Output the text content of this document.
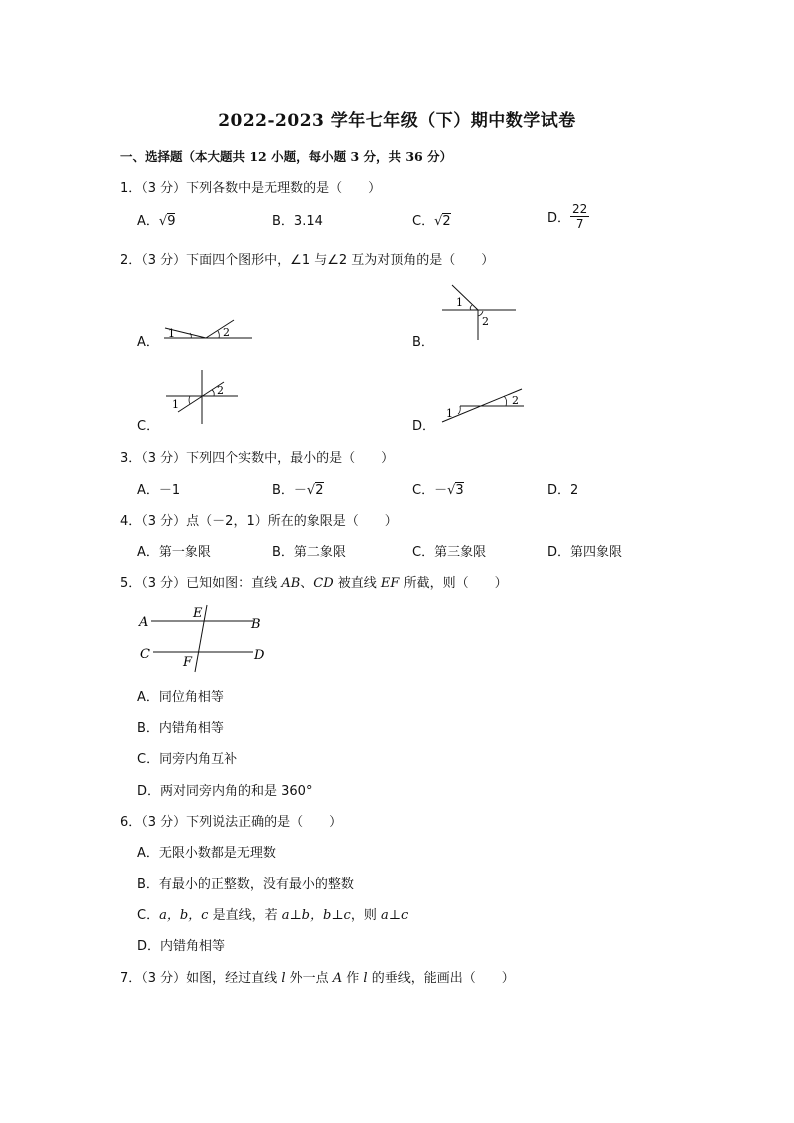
2022-2023 学年七年级（下）期中数学试卷
一、选择题（本大题共 12 小题，每小题 3 分，共 36 分）
1．（3 分）下列各数中是无理数的是（　　）
A．√9	B．3.14	C．√2	D． $\frac{22}{7}$
2．（3 分）下面四个图形中，∠1 与∠2 互为对顶角的是（　　）
A．
1	2
B．
1
2
C．
2
1
D．
1
2
3．（3 分）下列四个实数中，最小的是（　　）
A．－1	B．－√2	C．－√3	D．2
4．（3 分）点（－2，1）所在的象限是（　　）
A．第一象限	B．第二象限	C．第三象限	D．第四象限
5．（3 分）已知如图：直线 AB、CD 被直线 EF 所截，则（　　）
A	B
C	D
E
F
A．同位角相等
B．内错角相等
C．同旁内角互补
D．两对同旁内角的和是 360°
6．（3 分）下列说法正确的是（　　）
A．无限小数都是无理数
B．有最小的正整数，没有最小的整数
C．a，b，c 是直线，若 a⊥b，b⊥c，则 a⊥c
D．内错角相等
7．（3 分）如图，经过直线 l 外一点 A 作 l 的垂线，能画出（　　）
